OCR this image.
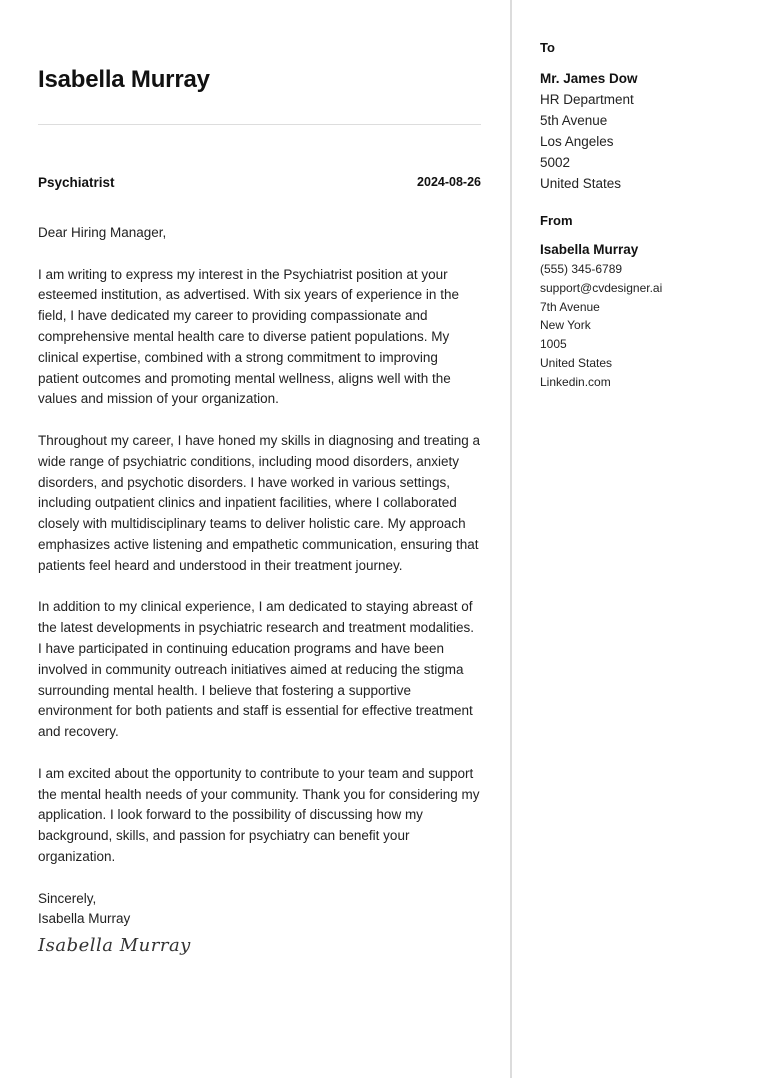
Isabella Murray
Psychiatrist	2024-08-26

Dear Hiring Manager,

I am writing to express my interest in the Psychiatrist position at your esteemed institution, as advertised. With six years of experience in the field, I have dedicated my career to providing compassionate and comprehensive mental health care to diverse patient populations. My clinical expertise, combined with a strong commitment to improving patient outcomes and promoting mental wellness, aligns well with the values and mission of your organization.

Throughout my career, I have honed my skills in diagnosing and treating a wide range of psychiatric conditions, including mood disorders, anxiety disorders, and psychotic disorders. I have worked in various settings, including outpatient clinics and inpatient facilities, where I collaborated closely with multidisciplinary teams to deliver holistic care. My approach emphasizes active listening and empathetic communication, ensuring that patients feel heard and understood in their treatment journey.

In addition to my clinical experience, I am dedicated to staying abreast of the latest developments in psychiatric research and treatment modalities. I have participated in continuing education programs and have been involved in community outreach initiatives aimed at reducing the stigma surrounding mental health. I believe that fostering a supportive environment for both patients and staff is essential for effective treatment and recovery.

I am excited about the opportunity to contribute to your team and support the mental health needs of your community. Thank you for considering my application. I look forward to the possibility of discussing how my background, skills, and passion for psychiatry can benefit your organization.

Sincerely,
Isabella Murray
Isabella Murray
To
Mr. James Dow
HR Department
5th Avenue
Los Angeles
5002
United States
From
Isabella Murray
(555) 345-6789
support@cvdesigner.ai
7th Avenue
New York
1005
United States
Linkedin.com
